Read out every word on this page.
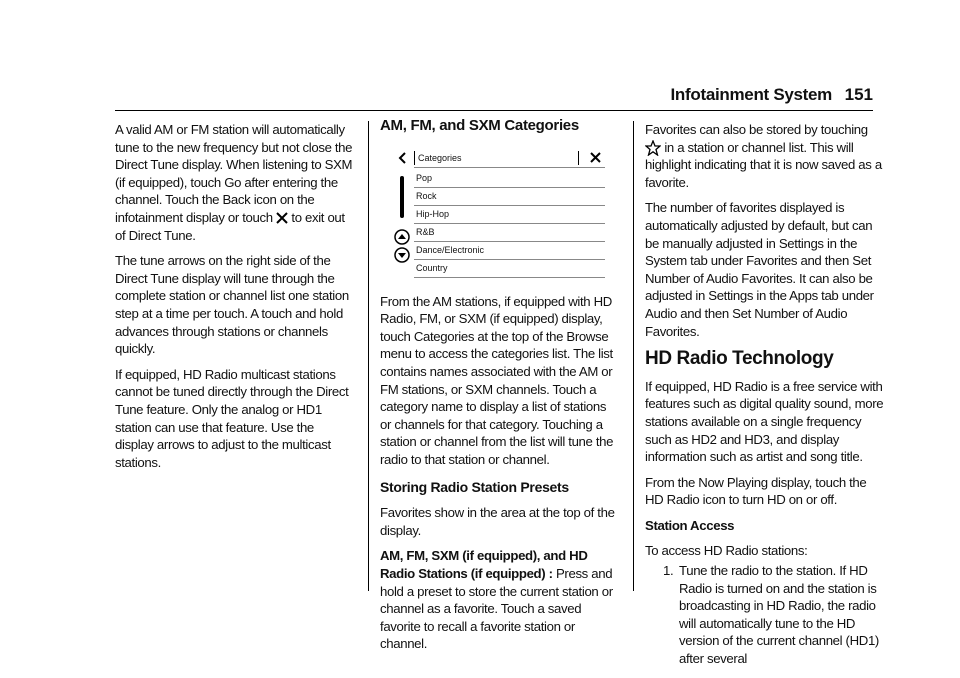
Infotainment System 151

A valid AM or FM station will automatically tune to the new frequency but not close the Direct Tune display. When listening to SXM (if equipped), touch Go after entering the channel. Touch the Back icon on the infotainment display or touch to exit out of Direct Tune.

The tune arrows on the right side of the Direct Tune display will tune through the complete station or channel list one station step at a time per touch. A touch and hold advances through stations or channels quickly.

If equipped, HD Radio multicast stations cannot be tuned directly through the Direct Tune feature. Only the analog or HD1 station can use that feature. Use the display arrows to adjust to the multicast stations.

AM, FM, and SXM Categories
Categories
Pop
Rock
Hip-Hop
R&B
Dance/Electronic
Country

From the AM stations, if equipped with HD Radio, FM, or SXM (if equipped) display, touch Categories at the top of the Browse menu to access the categories list. The list contains names associated with the AM or FM stations, or SXM channels. Touch a category name to display a list of stations or channels for that category. Touching a station or channel from the list will tune the radio to that station or channel.

Storing Radio Station Presets

Favorites show in the area at the top of the display.

AM, FM, SXM (if equipped), and HD Radio Stations (if equipped) : Press and hold a preset to store the current station or channel as a favorite. Touch a saved favorite to recall a favorite station or channel.

Favorites can also be stored by touching  in a station or channel list. This will highlight indicating that it is now saved as a favorite.

The number of favorites displayed is automatically adjusted by default, but can be manually adjusted in Settings in the System tab under Favorites and then Set Number of Audio Favorites. It can also be adjusted in Settings in the Apps tab under Audio and then Set Number of Audio Favorites.

HD Radio Technology

If equipped, HD Radio is a free service with features such as digital quality sound, more stations available on a single frequency such as HD2 and HD3, and display information such as artist and song title.

From the Now Playing display, touch the HD Radio icon to turn HD on or off.

Station Access

To access HD Radio stations:

1. Tune the radio to the station. If HD Radio is turned on and the station is broadcasting in HD Radio, the radio will automatically tune to the HD version of the current channel (HD1) after several
